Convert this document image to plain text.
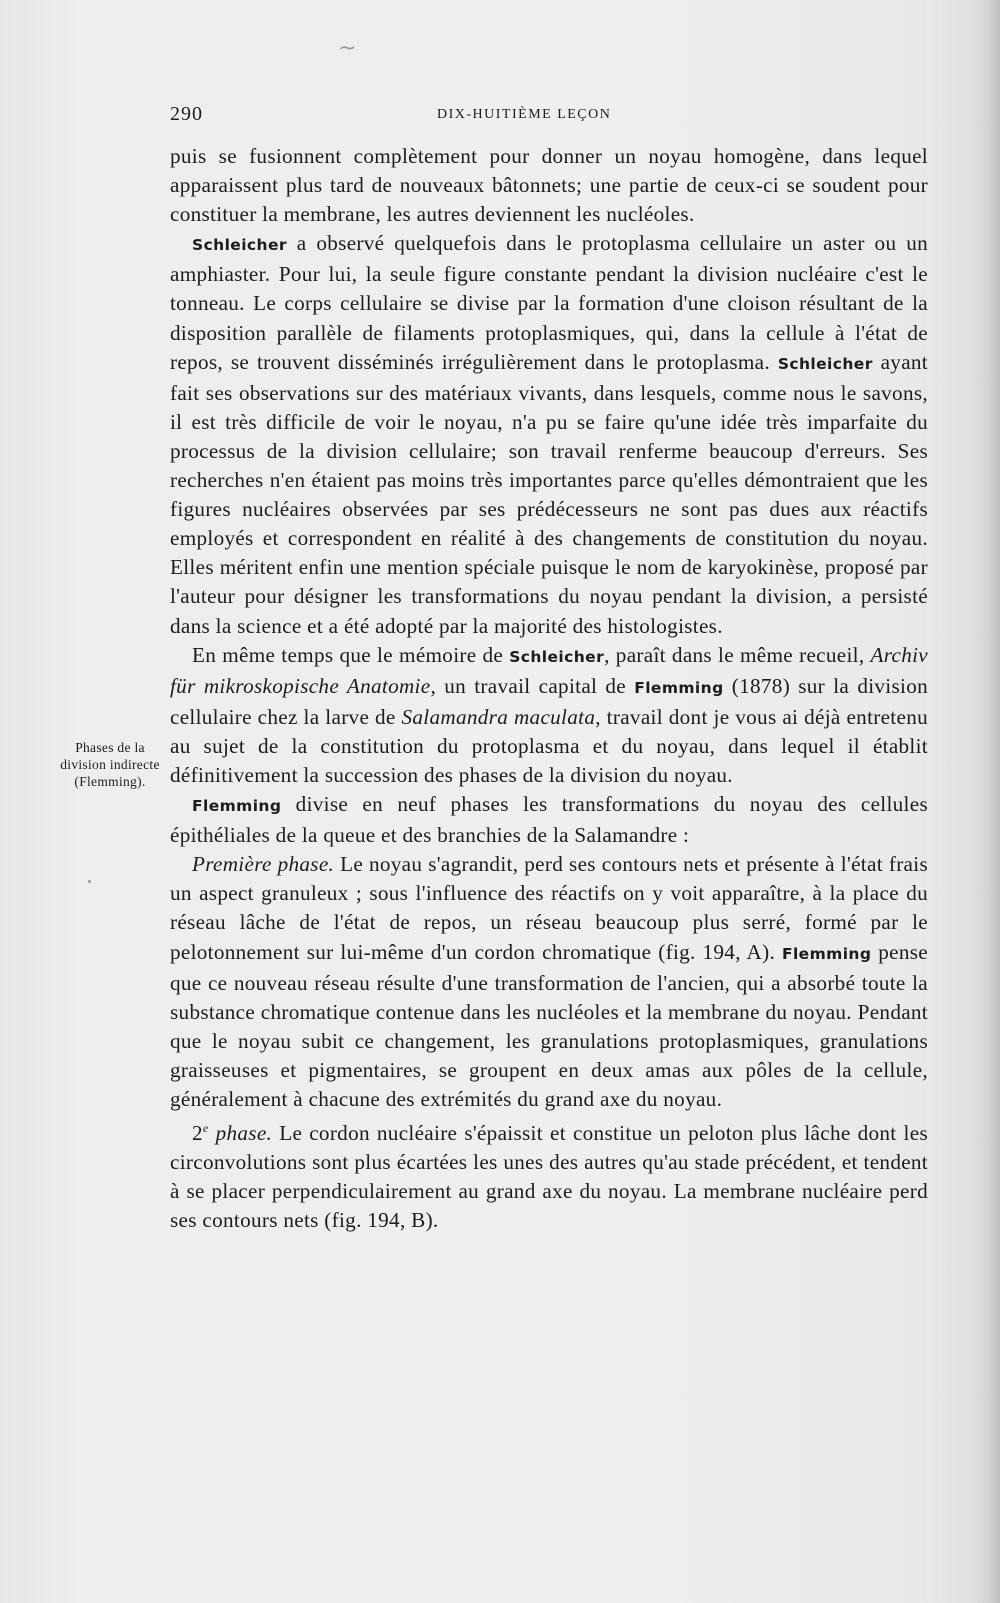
~
290	DIX-HUITIÈME LEÇON
Phases de la division indirecte (Flemming).

puis se fusionnent complètement pour donner un noyau homogène, dans lequel apparaissent plus tard de nouveaux bâtonnets; une partie de ceux-ci se soudent pour constituer la membrane, les autres deviennent les nucléoles.

Schleicher a observé quelquefois dans le protoplasma cellulaire un aster ou un amphiaster. Pour lui, la seule figure constante pendant la division nucléaire c'est le tonneau. Le corps cellulaire se divise par la formation d'une cloison résultant de la disposition parallèle de filaments protoplasmiques, qui, dans la cellule à l'état de repos, se trouvent disséminés irrégulièrement dans le protoplasma. Schleicher ayant fait ses observations sur des matériaux vivants, dans lesquels, comme nous le savons, il est très difficile de voir le noyau, n'a pu se faire qu'une idée très imparfaite du processus de la division cellulaire; son travail renferme beaucoup d'erreurs. Ses recherches n'en étaient pas moins très importantes parce qu'elles démontraient que les figures nucléaires observées par ses prédécesseurs ne sont pas dues aux réactifs employés et correspondent en réalité à des changements de constitution du noyau. Elles méritent enfin une mention spéciale puisque le nom de karyokinèse, proposé par l'auteur pour désigner les transformations du noyau pendant la division, a persisté dans la science et a été adopté par la majorité des histologistes.

En même temps que le mémoire de Schleicher, paraît dans le même recueil, Archiv für mikroskopische Anatomie, un travail capital de Flemming (1878) sur la division cellulaire chez la larve de Salamandra maculata, travail dont je vous ai déjà entretenu au sujet de la constitution du protoplasma et du noyau, dans lequel il établit définitivement la succession des phases de la division du noyau.

Flemming divise en neuf phases les transformations du noyau des cellules épithéliales de la queue et des branchies de la Salamandre :

Première phase. Le noyau s'agrandit, perd ses contours nets et présente à l'état frais un aspect granuleux ; sous l'influence des réactifs on y voit apparaître, à la place du réseau lâche de l'état de repos, un réseau beaucoup plus serré, formé par le pelotonnement sur lui-même d'un cordon chromatique (fig. 194, A). Flemming pense que ce nouveau réseau résulte d'une transformation de l'ancien, qui a absorbé toute la substance chromatique contenue dans les nucléoles et la membrane du noyau. Pendant que le noyau subit ce changement, les granulations protoplasmiques, granulations graisseuses et pigmentaires, se groupent en deux amas aux pôles de la cellule, généralement à chacune des extrémités du grand axe du noyau.

2e phase. Le cordon nucléaire s'épaissit et constitue un peloton plus lâche dont les circonvolutions sont plus écartées les unes des autres qu'au stade précédent, et tendent à se placer perpendiculairement au grand axe du noyau. La membrane nucléaire perd ses contours nets (fig. 194, B).
